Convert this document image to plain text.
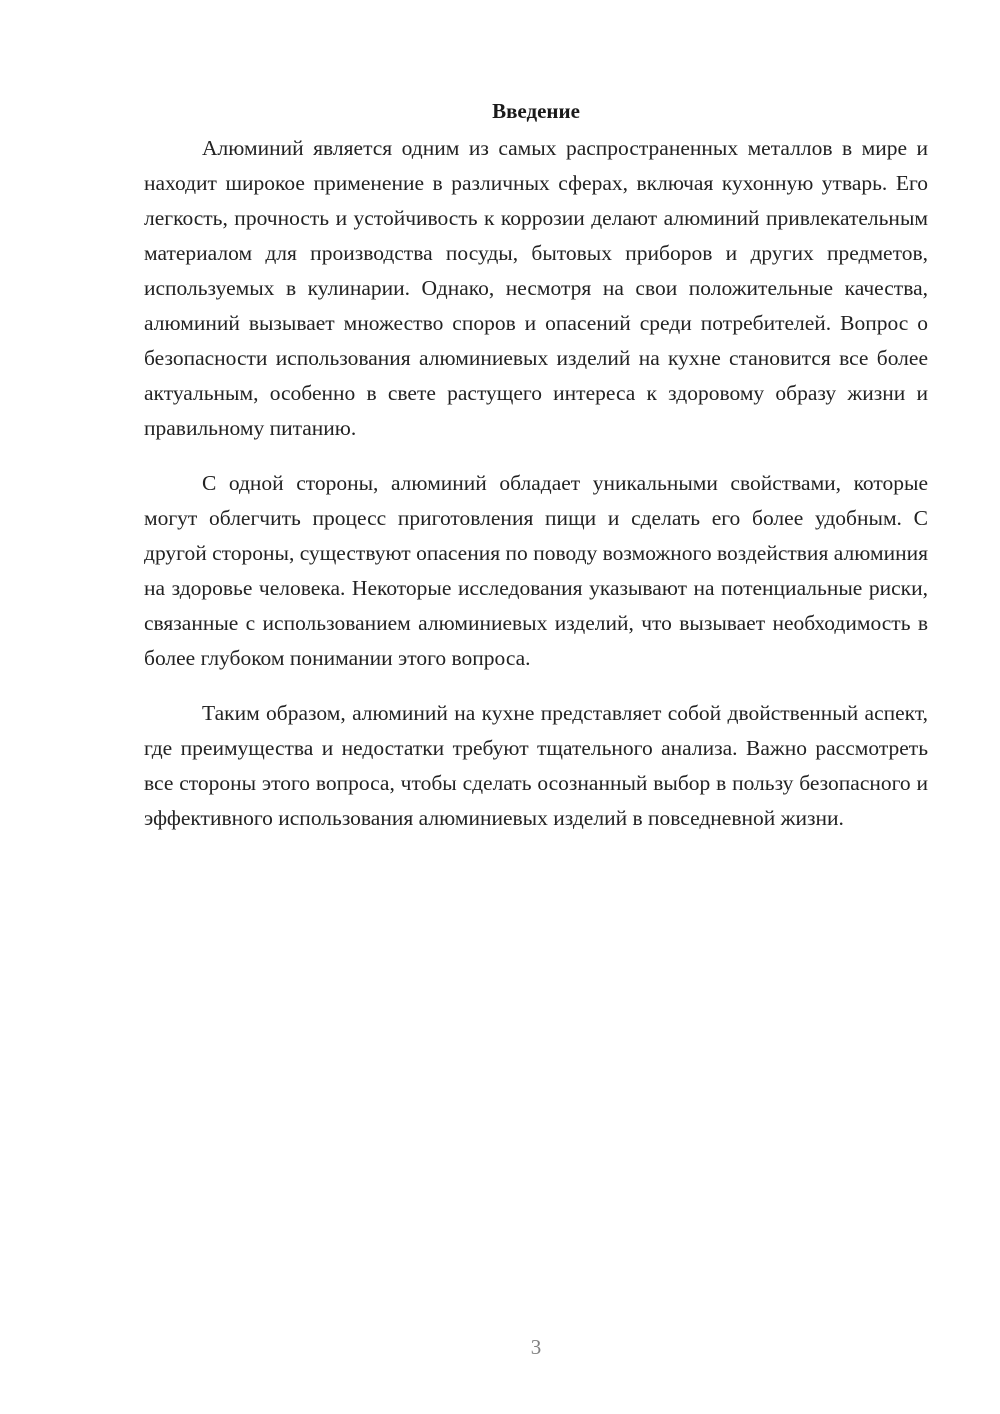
Введение

Алюминий является одним из самых распространенных металлов в мире и находит широкое применение в различных сферах, включая кухонную утварь. Его легкость, прочность и устойчивость к коррозии делают алюминий привлекательным материалом для производства посуды, бытовых приборов и других предметов, используемых в кулинарии. Однако, несмотря на свои положительные качества, алюминий вызывает множество споров и опасений среди потребителей. Вопрос о безопасности использования алюминиевых изделий на кухне становится все более актуальным, особенно в свете растущего интереса к здоровому образу жизни и правильному питанию.

С одной стороны, алюминий обладает уникальными свойствами, которые могут облегчить процесс приготовления пищи и сделать его более удобным. С другой стороны, существуют опасения по поводу возможного воздействия алюминия на здоровье человека. Некоторые исследования указывают на потенциальные риски, связанные с использованием алюминиевых изделий, что вызывает необходимость в более глубоком понимании этого вопроса.

Таким образом, алюминий на кухне представляет собой двойственный аспект, где преимущества и недостатки требуют тщательного анализа. Важно рассмотреть все стороны этого вопроса, чтобы сделать осознанный выбор в пользу безопасного и эффективного использования алюминиевых изделий в повседневной жизни.

3
